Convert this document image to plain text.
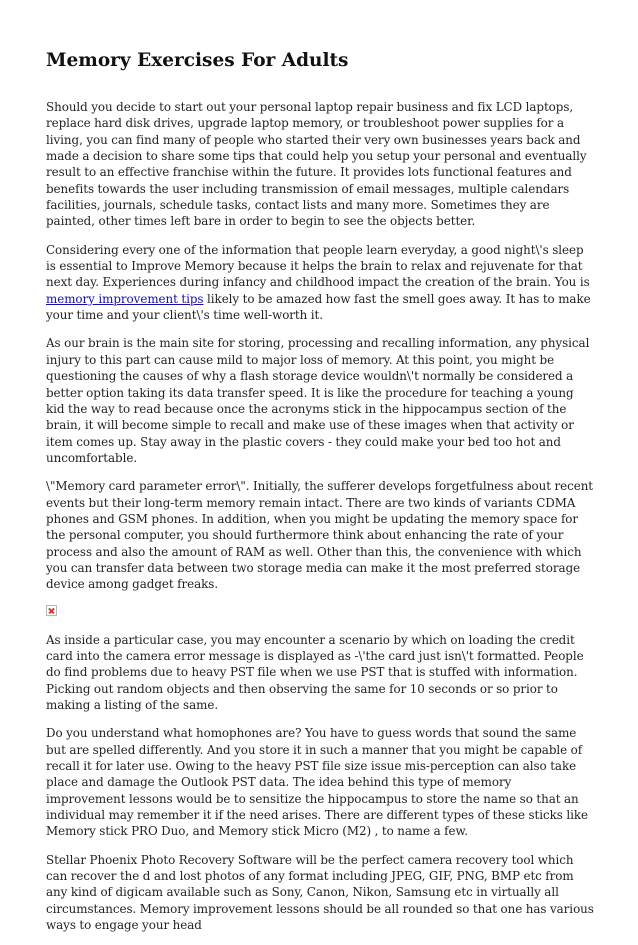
Memory Exercises For Adults

Should you decide to start out your personal laptop repair business and fix LCD laptops, replace hard disk drives, upgrade laptop memory, or troubleshoot power supplies for a living, you can find many of people who started their very own businesses years back and made a decision to share some tips that could help you setup your personal and eventually result to an effective franchise within the future. It provides lots functional features and benefits towards the user including transmission of email messages, multiple calendars facilities, journals, schedule tasks, contact lists and many more. Sometimes they are painted, other times left bare in order to begin to see the objects better.

Considering every one of the information that people learn everyday, a good night\'s sleep is essential to Improve Memory because it helps the brain to relax and rejuvenate for that next day. Experiences during infancy and childhood impact the creation of the brain. You is memory improvement tips likely to be amazed how fast the smell goes away. It has to make your time and your client\'s time well-worth it.

As our brain is the main site for storing, processing and recalling information, any physical injury to this part can cause mild to major loss of memory. At this point, you might be questioning the causes of why a flash storage device wouldn\'t normally be considered a better option taking its data transfer speed. It is like the procedure for teaching a young kid the way to read because once the acronyms stick in the hippocampus section of the brain, it will become simple to recall and make use of these images when that activity or item comes up. Stay away in the plastic covers - they could make your bed too hot and uncomfortable.

\"Memory card parameter error\". Initially, the sufferer develops forgetfulness about recent events but their long-term memory remain intact. There are two kinds of variants CDMA phones and GSM phones. In addition, when you might be updating the memory space for the personal computer, you should furthermore think about enhancing the rate of your process and also the amount of RAM as well. Other than this, the convenience with which you can transfer data between two storage media can make it the most preferred storage device among gadget freaks.

As inside a particular case, you may encounter a scenario by which on loading the credit card into the camera error message is displayed as -\'the card just isn\'t formatted. People do find problems due to heavy PST file when we use PST that is stuffed with information. Picking out random objects and then observing the same for 10 seconds or so prior to making a listing of the same.

Do you understand what homophones are? You have to guess words that sound the same but are spelled differently. And you store it in such a manner that you might be capable of recall it for later use. Owing to the heavy PST file size issue mis-perception can also take place and damage the Outlook PST data. The idea behind this type of memory improvement lessons would be to sensitize the hippocampus to store the name so that an individual may remember it if the need arises. There are different types of these sticks like Memory stick PRO Duo, and Memory stick Micro (M2) , to name a few.

Stellar Phoenix Photo Recovery Software will be the perfect camera recovery tool which can recover the d and lost photos of any format including JPEG, GIF, PNG, BMP etc from any kind of digicam available such as Sony, Canon, Nikon, Samsung etc in virtually all circumstances. Memory improvement lessons should be all rounded so that one has various ways to engage your head
